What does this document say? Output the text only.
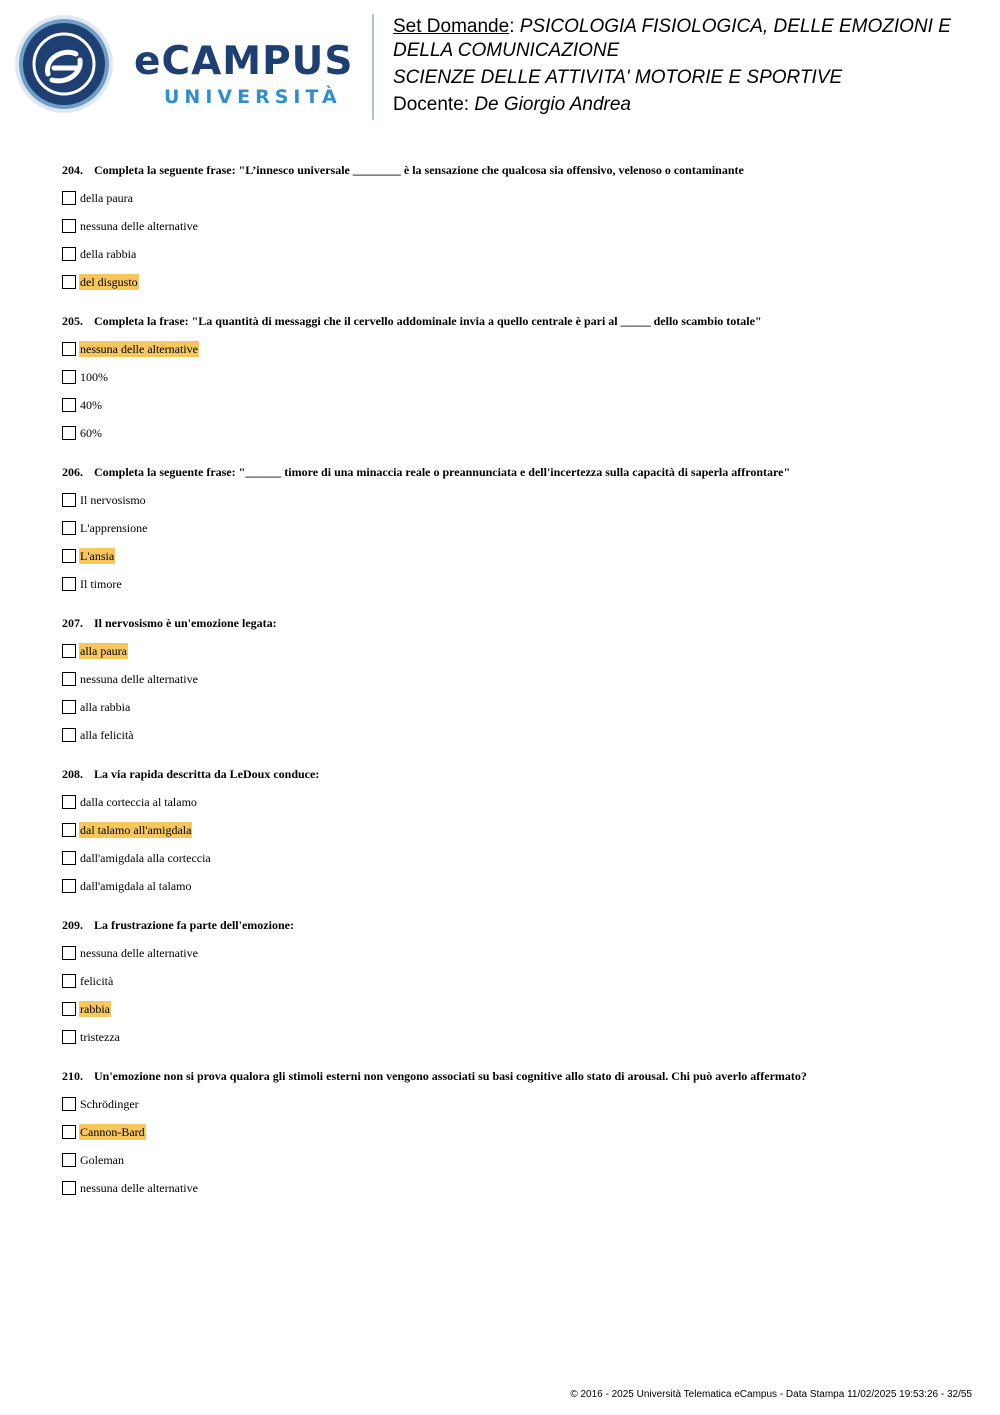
eCAMPUS
UNIVERSITÀ
Set Domande: PSICOLOGIA FISIOLOGICA, DELLE EMOZIONI E DELLA COMUNICAZIONE
SCIENZE DELLE ATTIVITA' MOTORIE E SPORTIVE
Docente: De Giorgio Andrea
204. Completa la seguente frase: "L’innesco universale ________ è la sensazione che qualcosa sia offensivo, velenoso o contaminante
della paura
nessuna delle alternative
della rabbia
del disgusto
205. Completa la frase: "La quantità di messaggi che il cervello addominale invia a quello centrale è pari al _____ dello scambio totale"
nessuna delle alternative
100%
40%
60%
206. Completa la seguente frase: "______ timore di una minaccia reale o preannunciata e dell'incertezza sulla capacità di saperla affrontare"
Il nervosismo
L'apprensione
L'ansia
Il timore
207. Il nervosismo è un'emozione legata:
alla paura
nessuna delle alternative
alla rabbia
alla felicità
208. La via rapida descritta da LeDoux conduce:
dalla corteccia al talamo
dal talamo all'amigdala
dall'amigdala alla corteccia
dall'amigdala al talamo
209. La frustrazione fa parte dell'emozione:
nessuna delle alternative
felicità
rabbia
tristezza
210. Un'emozione non si prova qualora gli stimoli esterni non vengono associati su basi cognitive allo stato di arousal. Chi può averlo affermato?
Schrödinger
Cannon-Bard
Goleman
nessuna delle alternative
© 2016 - 2025 Università Telematica eCampus - Data Stampa 11/02/2025 19:53:26 - 32/55
